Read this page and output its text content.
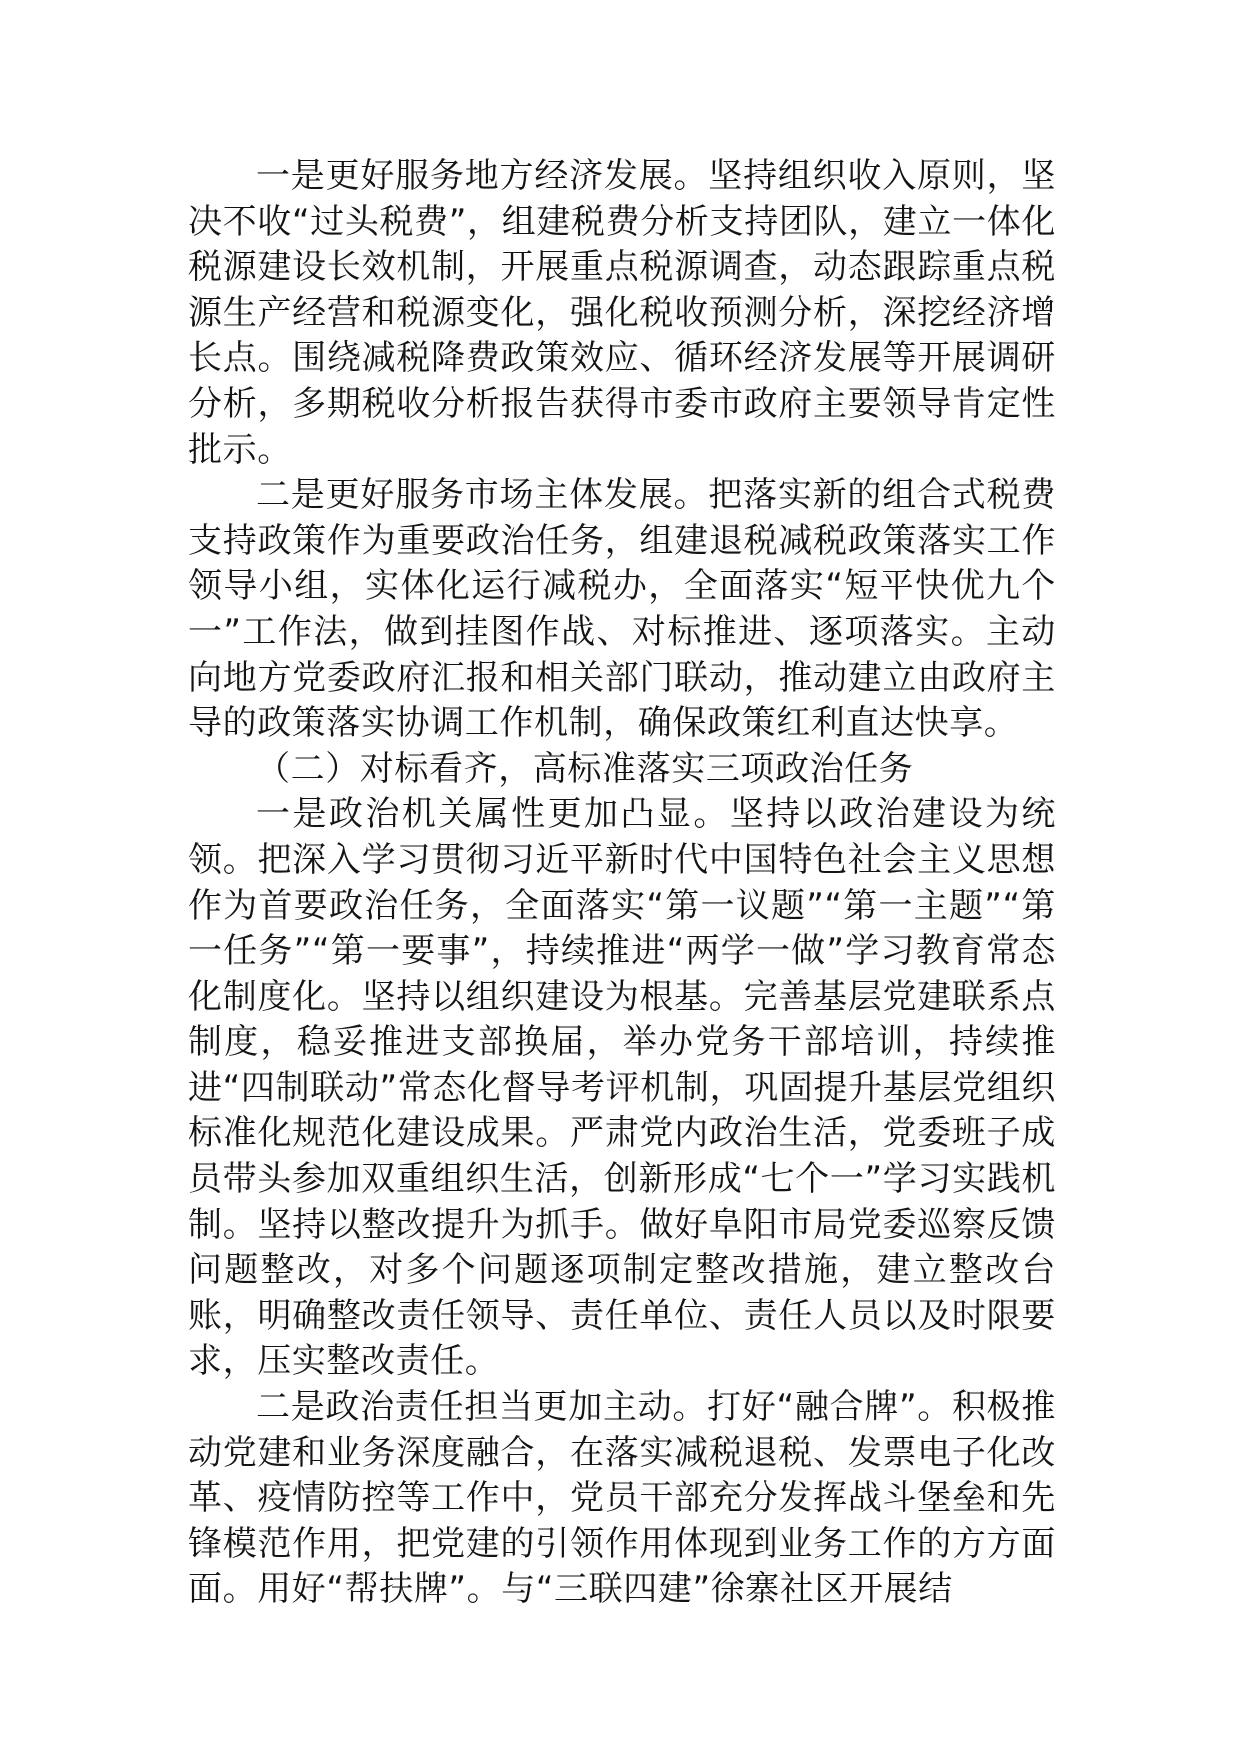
一是更好服务地方经济发展。坚持组织收入原则，坚决不收“过头税费”，组建税费分析支持团队，建立一体化税源建设长效机制，开展重点税源调查，动态跟踪重点税源生产经营和税源变化，强化税收预测分析，深挖经济增长点。围绕减税降费政策效应、循环经济发展等开展调研分析，多期税收分析报告获得市委市政府主要领导肯定性批示。

二是更好服务市场主体发展。把落实新的组合式税费支持政策作为重要政治任务，组建退税减税政策落实工作领导小组，实体化运行减税办，全面落实“短平快优九个一”工作法，做到挂图作战、对标推进、逐项落实。主动向地方党委政府汇报和相关部门联动，推动建立由政府主导的政策落实协调工作机制，确保政策红利直达快享。

（二）对标看齐，高标准落实三项政治任务

一是政治机关属性更加凸显。坚持以政治建设为统领。把深入学习贯彻习近平新时代中国特色社会主义思想作为首要政治任务，全面落实“第一议题”“第一主题”“第一任务”“第一要事”，持续推进“两学一做”学习教育常态化制度化。坚持以组织建设为根基。完善基层党建联系点制度，稳妥推进支部换届，举办党务干部培训，持续推进“四制联动”常态化督导考评机制，巩固提升基层党组织标准化规范化建设成果。严肃党内政治生活，党委班子成员带头参加双重组织生活，创新形成“七个一”学习实践机制。坚持以整改提升为抓手。做好阜阳市局党委巡察反馈问题整改，对多个问题逐项制定整改措施，建立整改台账，明确整改责任领导、责任单位、责任人员以及时限要求，压实整改责任。

二是政治责任担当更加主动。打好“融合牌”。积极推动党建和业务深度融合，在落实减税退税、发票电子化改革、疫情防控等工作中，党员干部充分发挥战斗堡垒和先锋模范作用，把党建的引领作用体现到业务工作的方方面面。用好“帮扶牌”。与“三联四建”徐寨社区开展结
